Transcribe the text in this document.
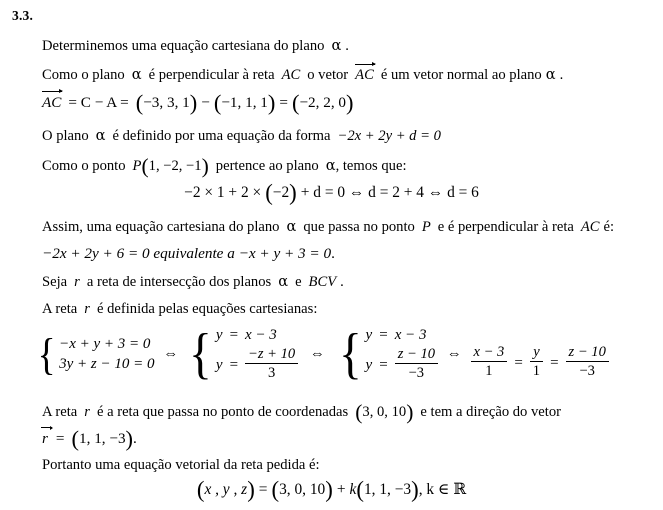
3.3.
Determinemos uma equação cartesiana do plano α .
Como o plano α é perpendicular à reta AC o vetor AC é um vetor normal ao plano α .
AC = C − A = (−3, 3, 1) − (−1, 1, 1) = (−2, 2, 0)
O plano α é definido por uma equação da forma −2x + 2y + d = 0
Como o ponto P(1, −2, −1) pertence ao plano α, temos que:
−2 × 1 + 2 × (−2) + d = 0 ⇔ d = 2 + 4 ⇔ d = 6
Assim, uma equação cartesiana do plano α que passa no ponto P e é perpendicular à reta AC é:
−2x + 2y + 6 = 0 equivalente a −x + y + 3 = 0.
Seja r a reta de intersecção dos planos α e BCV .
A reta r é definida pelas equações cartesianas:
{ −x + y + 3 = 0
3y + z − 10 = 0
⇔ { y = x − 3
$y = \frac{-z + 10}{3}$ ⇔ { y = x − 3
$y = \frac{z - 10}{-3}$ ⇔ $\frac{x - 3}{1} = \frac{y}{1} = \frac{z - 10}{-3}$
A reta r é a reta que passa no ponto de coordenadas (3, 0, 10) e tem a direção do vetor
r = (1, 1, −3).
Portanto uma equação vetorial da reta pedida é:
(x , y , z) = (3, 0, 10) + k(1, 1, −3), k ∈ ℝ
